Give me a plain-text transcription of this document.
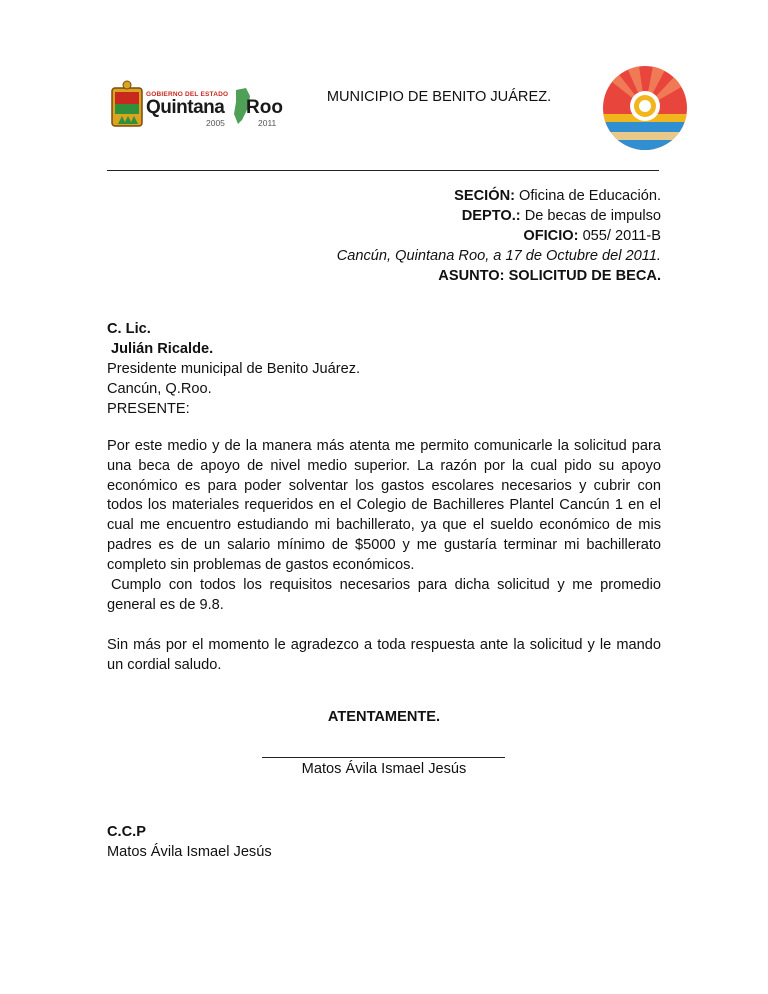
GOBIERNO DEL ESTADO
Quintana Roo
2005	2011
MUNICIPIO DE BENITO JUÁREZ.
SECIÓN: Oficina de Educación.
DEPTO.: De becas de impulso
OFICIO: 055/ 2011-B
Cancún, Quintana Roo, a 17 de Octubre del 2011.
ASUNTO: SOLICITUD DE BECA.
C. Lic.
Julián Ricalde.
Presidente municipal de Benito Juárez.
Cancún, Q.Roo.
PRESENTE:
Por este medio y de la manera más atenta me permito comunicarle la solicitud para una beca de apoyo de nivel medio superior. La razón por la cual pido su apoyo económico es para poder solventar los gastos escolares necesarios y cubrir con todos los materiales requeridos en el Colegio de Bachilleres Plantel Cancún 1 en el cual me encuentro estudiando mi bachillerato, ya que el sueldo económico de mis padres es de un salario mínimo de $5000 y me gustaría terminar mi bachillerato completo sin problemas de gastos económicos.
Cumplo con todos los requisitos necesarios para dicha solicitud y me promedio general es de 9.8.
Sin más por el momento le agradezco a toda respuesta ante la solicitud y le mando un cordial saludo.
ATENTAMENTE.
Matos Ávila Ismael Jesús
C.C.P
Matos Ávila Ismael Jesús
